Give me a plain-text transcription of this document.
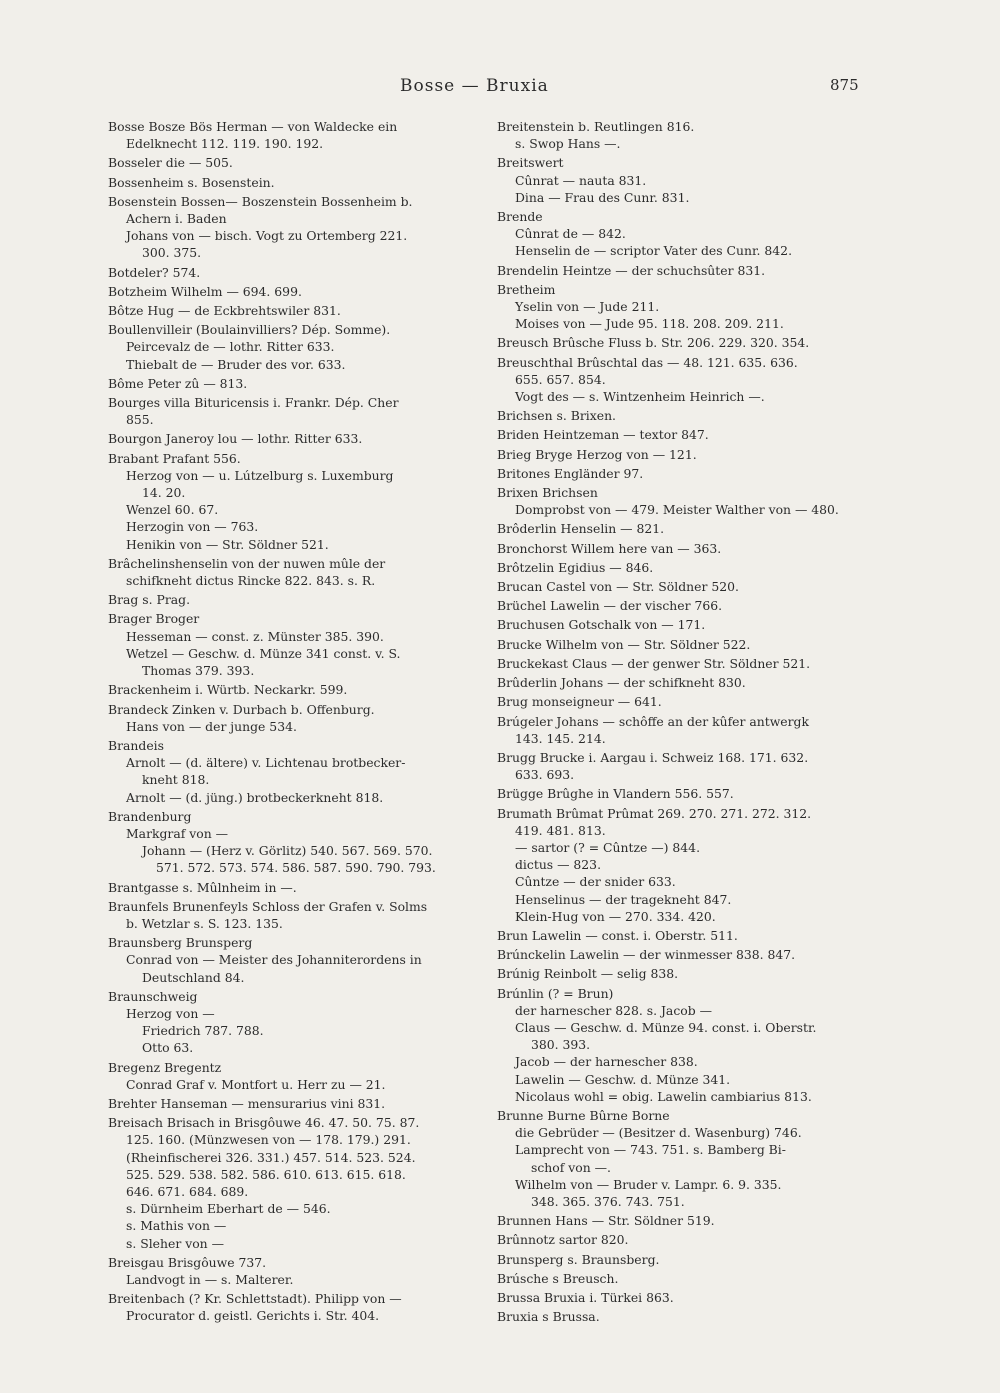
Bosse — Bruxia	875
Bosse Bosze Bös Herman — von Waldecke ein
Edelknecht 112. 119. 190. 192.
Bosseler die — 505.
Bossenheim s. Bosenstein.
Bosenstein Bossen— Boszenstein Bossenheim b.
Achern i. Baden
Johans von — bisch. Vogt zu Ortemberg 221.
300. 375.
Botdeler? 574.
Botzheim Wilhelm — 694. 699.
Bôtze Hug — de Eckbrehtswiler 831.
Boullenvilleir (Boulainvilliers? Dép. Somme).
Peircevalz de — lothr. Ritter 633.
Thiebalt de — Bruder des vor. 633.
Bôme Peter zû — 813.
Bourges villa Bituricensis i. Frankr. Dép. Cher
855.
Bourgon Janeroy lou — lothr. Ritter 633.
Brabant Prafant 556.
Herzog von — u. Lútzelburg s. Luxemburg
14. 20.
Wenzel 60. 67.
Herzogin von — 763.
Henikin von — Str. Söldner 521.
Brâchelinshenselin von der nuwen mûle der
schifkneht dictus Rincke 822. 843. s. R.
Brag s. Prag.
Brager Broger
Hesseman — const. z. Münster 385. 390.
Wetzel — Geschw. d. Münze 341 const. v. S.
Thomas 379. 393.
Brackenheim i. Würtb. Neckarkr. 599.
Brandeck Zinken v. Durbach b. Offenburg.
Hans von — der junge 534.
Brandeis
Arnolt — (d. ältere) v. Lichtenau brotbecker-
kneht 818.
Arnolt — (d. jüng.) brotbeckerkneht 818.
Brandenburg
Markgraf von —
Johann — (Herz v. Görlitz) 540. 567. 569. 570.
571. 572. 573. 574. 586. 587. 590. 790. 793.
Brantgasse s. Mûlnheim in —.
Braunfels Brunenfeyls Schloss der Grafen v. Solms
b. Wetzlar s. S. 123. 135.
Braunsberg Brunsperg
Conrad von — Meister des Johanniterordens in
Deutschland 84.
Braunschweig
Herzog von —
Friedrich 787. 788.
Otto 63.
Bregenz Bregentz
Conrad Graf v. Montfort u. Herr zu — 21.
Brehter Hanseman — mensurarius vini 831.
Breisach Brisach in Brisgôuwe 46. 47. 50. 75. 87.
125. 160. (Münzwesen von — 178. 179.) 291.
(Rheinfischerei 326. 331.) 457. 514. 523. 524.
525. 529. 538. 582. 586. 610. 613. 615. 618.
646. 671. 684. 689.
s. Dürnheim Eberhart de — 546.
s. Mathis von —
s. Sleher von —
Breisgau Brisgôuwe 737.
Landvogt in — s. Malterer.
Breitenbach (? Kr. Schlettstadt). Philipp von —
Procurator d. geistl. Gerichts i. Str. 404.
Breitenstein b. Reutlingen 816.
s. Swop Hans —.
Breitswert
Cûnrat — nauta 831.
Dina — Frau des Cunr. 831.
Brende
Cûnrat de — 842.
Henselin de — scriptor Vater des Cunr. 842.
Brendelin Heintze — der schuchsûter 831.
Bretheim
Yselin von — Jude 211.
Moises von — Jude 95. 118. 208. 209. 211.
Breusch Brûsche Fluss b. Str. 206. 229. 320. 354.
Breuschthal Brûschtal das — 48. 121. 635. 636.
655. 657. 854.
Vogt des — s. Wintzenheim Heinrich —.
Brichsen s. Brixen.
Briden Heintzeman — textor 847.
Brieg Bryge Herzog von — 121.
Britones Engländer 97.
Brixen Brichsen
Domprobst von — 479. Meister Walther von — 480.
Brôderlin Henselin — 821.
Bronchorst Willem here van — 363.
Brôtzelin Egidius — 846.
Brucan Castel von — Str. Söldner 520.
Brüchel Lawelin — der vischer 766.
Bruchusen Gotschalk von — 171.
Brucke Wilhelm von — Str. Söldner 522.
Bruckekast Claus — der genwer Str. Söldner 521.
Brûderlin Johans — der schifkneht 830.
Brug monseigneur — 641.
Brúgeler Johans — schôffe an der kûfer antwergk
143. 145. 214.
Brugg Brucke i. Aargau i. Schweiz 168. 171. 632.
633. 693.
Brügge Brûghe in Vlandern 556. 557.
Brumath Brûmat Prûmat 269. 270. 271. 272. 312.
419. 481. 813.
— sartor (? = Cûntze —) 844.
dictus — 823.
Cûntze — der snider 633.
Henselinus — der tragekneht 847.
Klein-Hug von — 270. 334. 420.
Brun Lawelin — const. i. Oberstr. 511.
Brúnckelin Lawelin — der winmesser 838. 847.
Brúnig Reinbolt — selig 838.
Brúnlin (? = Brun)
der harnescher 828. s. Jacob —
Claus — Geschw. d. Münze 94. const. i. Oberstr.
380. 393.
Jacob — der harnescher 838.
Lawelin — Geschw. d. Münze 341.
Nicolaus wohl = obig. Lawelin cambiarius 813.
Brunne Burne Bûrne Borne
die Gebrüder — (Besitzer d. Wasenburg) 746.
Lamprecht von — 743. 751. s. Bamberg Bi-
schof von —.
Wilhelm von — Bruder v. Lampr. 6. 9. 335.
348. 365. 376. 743. 751.
Brunnen Hans — Str. Söldner 519.
Brûnnotz sartor 820.
Brunsperg s. Braunsberg.
Brúsche s Breusch.
Brussa Bruxia i. Türkei 863.
Bruxia s Brussa.
